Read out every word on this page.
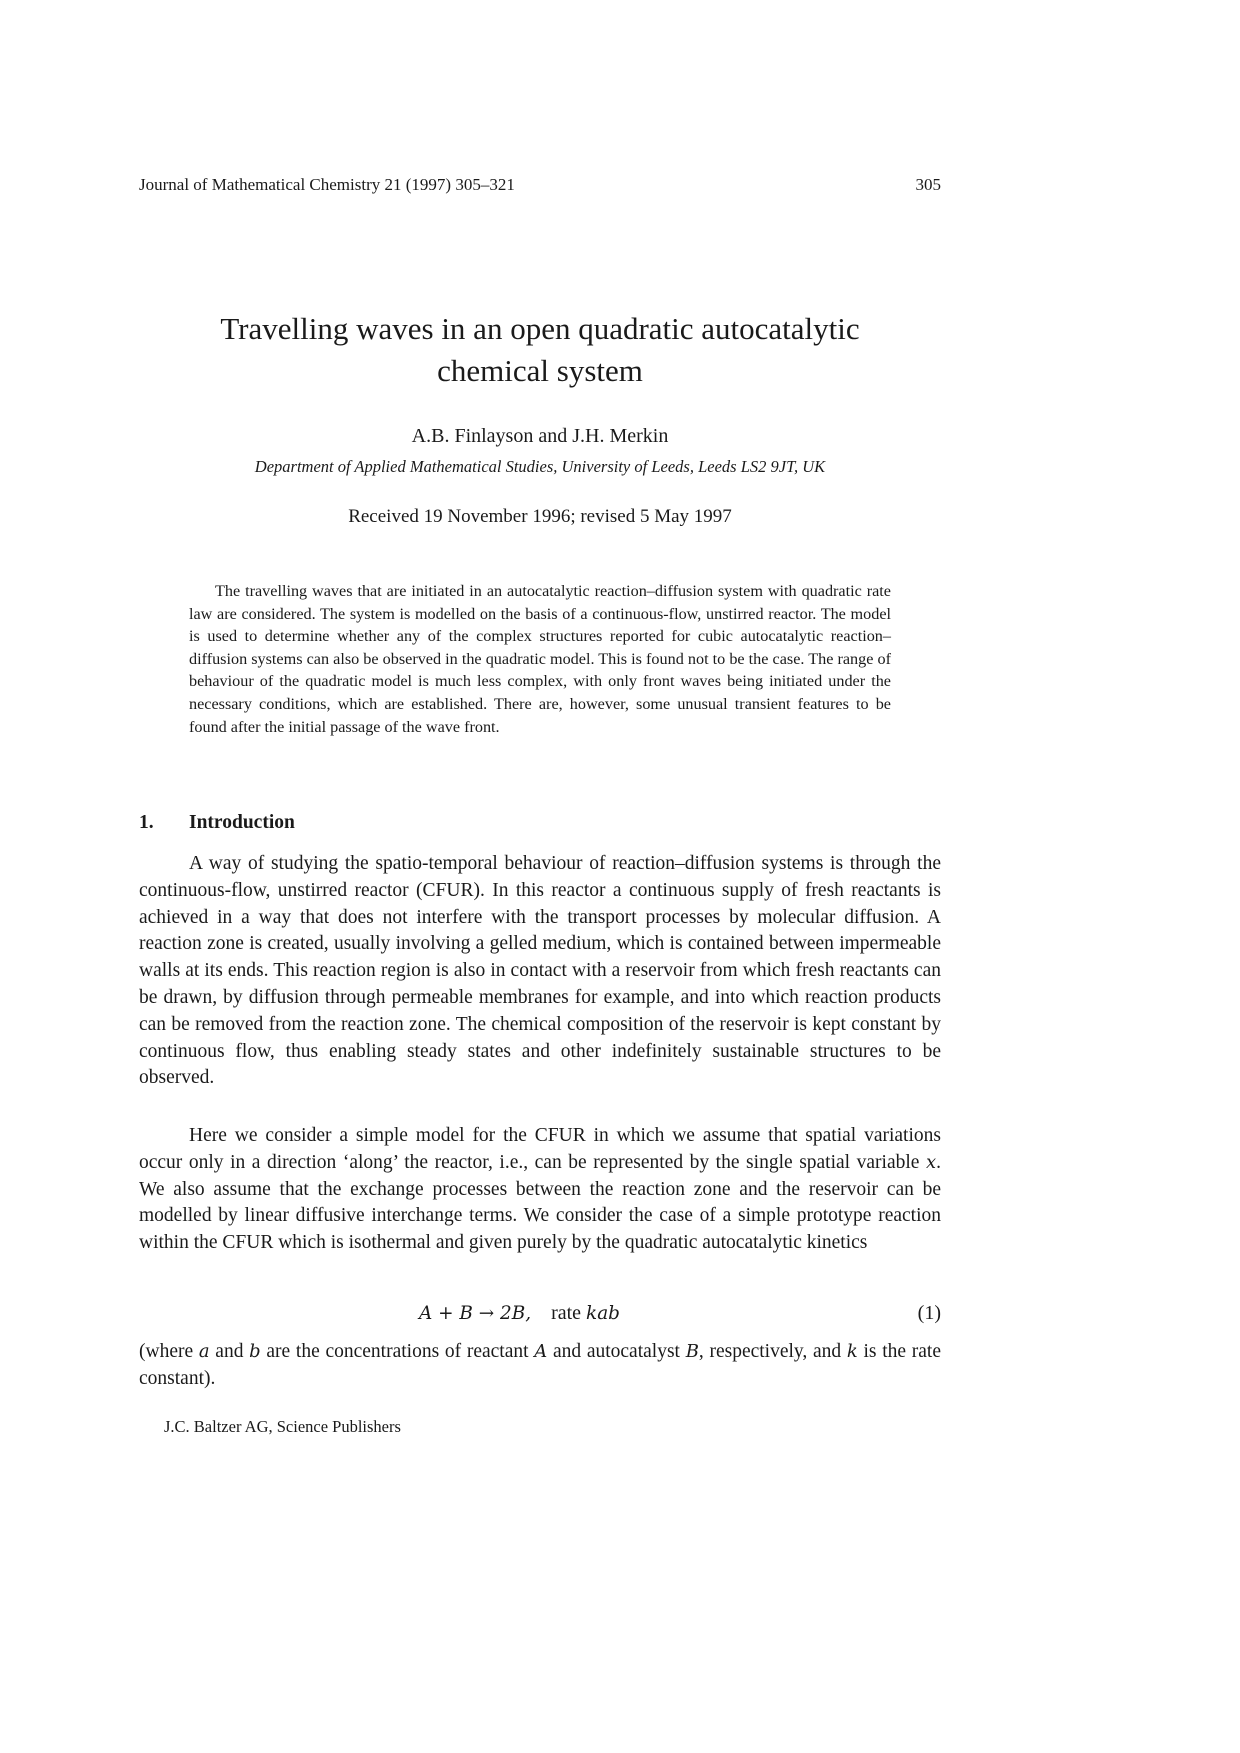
Journal of Mathematical Chemistry 21 (1997) 305–321	305
Travelling waves in an open quadratic autocatalytic
chemical system
A.B. Finlayson and J.H. Merkin
Department of Applied Mathematical Studies, University of Leeds, Leeds LS2 9JT, UK
Received 19 November 1996; revised 5 May 1997

The travelling waves that are initiated in an autocatalytic reaction–diffusion system with quadratic rate law are considered. The system is modelled on the basis of a continuous-flow, unstirred reactor. The model is used to determine whether any of the complex structures reported for cubic autocatalytic reaction–diffusion systems can also be observed in the quadratic model. This is found not to be the case. The range of behaviour of the quadratic model is much less complex, with only front waves being initiated under the necessary conditions, which are established. There are, however, some unusual transient features to be found after the initial passage of the wave front.

1.	Introduction

A way of studying the spatio-temporal behaviour of reaction–diffusion systems is through the continuous-flow, unstirred reactor (CFUR). In this reactor a continuous supply of fresh reactants is achieved in a way that does not interfere with the transport processes by molecular diffusion. A reaction zone is created, usually involving a gelled medium, which is contained between impermeable walls at its ends. This reaction region is also in contact with a reservoir from which fresh reactants can be drawn, by diffusion through permeable membranes for example, and into which reaction products can be removed from the reaction zone. The chemical composition of the reservoir is kept constant by continuous flow, thus enabling steady states and other indefinitely sustainable structures to be observed.

Here we consider a simple model for the CFUR in which we assume that spatial variations occur only in a direction ‘along’ the reactor, i.e., can be represented by the single spatial variable x. We also assume that the exchange processes between the reaction zone and the reservoir can be modelled by linear diffusive interchange terms. We consider the case of a simple prototype reaction within the CFUR which is isothermal and given purely by the quadratic autocatalytic kinetics

A + B → 2B, rate kab	(1)

(where a and b are the concentrations of reactant A and autocatalyst B, respectively, and k is the rate constant).

J.C. Baltzer AG, Science Publishers
